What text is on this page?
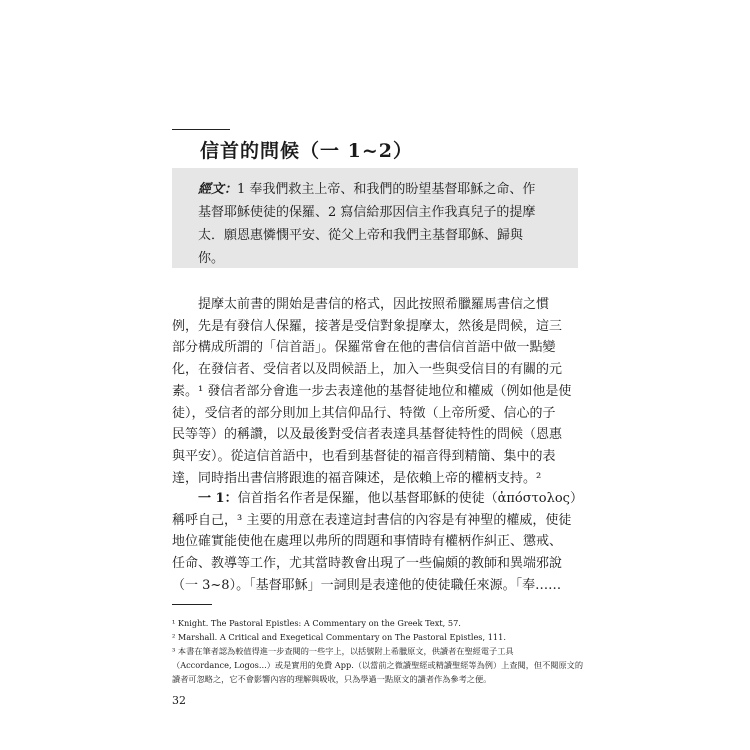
信首的問候（一 1~2）
經文：1 奉我們救主上帝、和我們的盼望基督耶穌之命、作
基督耶穌使徒的保羅、2 寫信給那因信主作我真兒子的提摩
太．願恩惠憐憫平安、從父上帝和我們主基督耶穌、歸與
你。
提摩太前書的開始是書信的格式，因此按照希臘羅馬書信之慣
例，先是有發信人保羅，接著是受信對象提摩太，然後是問候，這三
部分構成所謂的「信首語」。保羅常會在他的書信信首語中做一點變
化，在發信者、受信者以及問候語上，加入一些與受信目的有關的元
素。¹ 發信者部分會進一步去表達他的基督徒地位和權威（例如他是使
徒），受信者的部分則加上其信仰品行、特徵（上帝所愛、信心的子
民等等）的稱讚，以及最後對受信者表達具基督徒特性的問候（恩惠
與平安）。從這信首語中，也看到基督徒的福音得到精簡、集中的表
達，同時指出書信將跟進的福音陳述，是依賴上帝的權柄支持。²
一 1：信首指名作者是保羅，他以基督耶穌的使徒（ἀπόστολος）
稱呼自己，³ 主要的用意在表達這封書信的內容是有神聖的權威，使徒
地位確實能使他在處理以弗所的問題和事情時有權柄作糾正、懲戒、
任命、教導等工作，尤其當時教會出現了一些偏頗的教師和異端邪說
（一 3~8）。「基督耶穌」一詞則是表達他的使徒職任來源。「奉……
¹ Knight. The Pastoral Epistles: A Commentary on the Greek Text, 57.
² Marshall. A Critical and Exegetical Commentary on The Pastoral Epistles, 111.
³ 本書在筆者認為較值得進一步查閱的一些字上，以括號附上希臘原文，供讀者在聖經電子工具
（Accordance, Logos...）或是實用的免費 App.（以當前之微讀聖經或精讀聖經等為例）上查閱，但不閱原文的
讀者可忽略之，它不會影響內容的理解與吸收，只為學過一點原文的讀者作為參考之便。
32
